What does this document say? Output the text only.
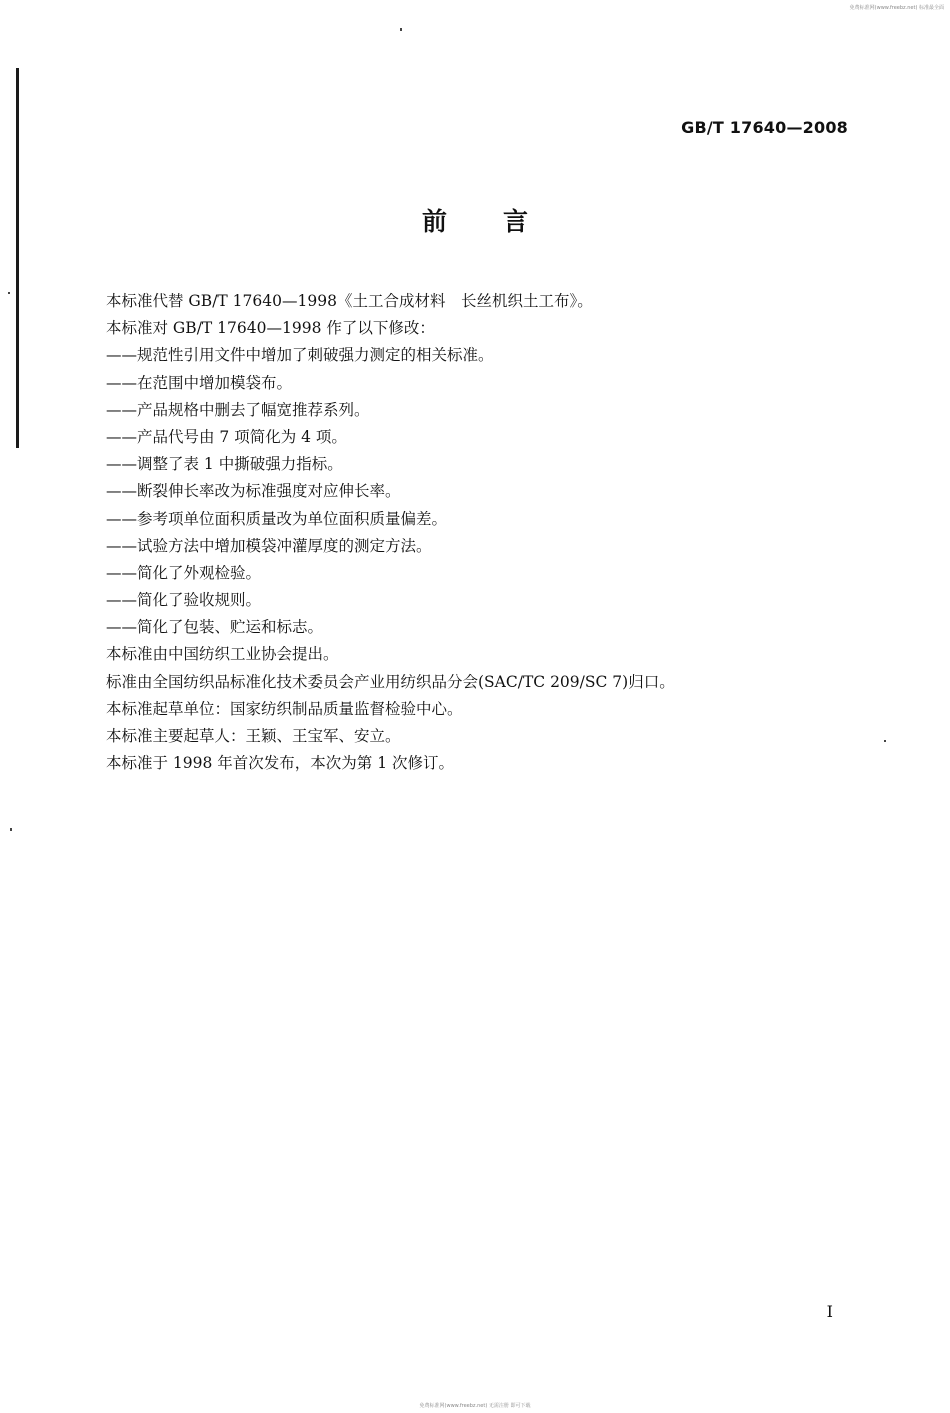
免费标准网(www.freebz.net) 标准最全面
GB/T 17640—2008
前言
本标准代替 GB/T 17640—1998《土工合成材料　长丝机织土工布》。
本标准对 GB/T 17640—1998 作了以下修改：
——规范性引用文件中增加了刺破强力测定的相关标准。
——在范围中增加模袋布。
——产品规格中删去了幅宽推荐系列。
——产品代号由 7 项简化为 4 项。
——调整了表 1 中撕破强力指标。
——断裂伸长率改为标准强度对应伸长率。
——参考项单位面积质量改为单位面积质量偏差。
——试验方法中增加模袋冲灌厚度的测定方法。
——简化了外观检验。
——简化了验收规则。
——简化了包装、贮运和标志。
本标准由中国纺织工业协会提出。
标准由全国纺织品标准化技术委员会产业用纺织品分会(SAC/TC 209/SC 7)归口。
本标准起草单位：国家纺织制品质量监督检验中心。
本标准主要起草人：王颖、王宝军、安立。
本标准于 1998 年首次发布，本次为第 1 次修订。
I
免费标准网(www.freebz.net) 无需注册 即可下载
